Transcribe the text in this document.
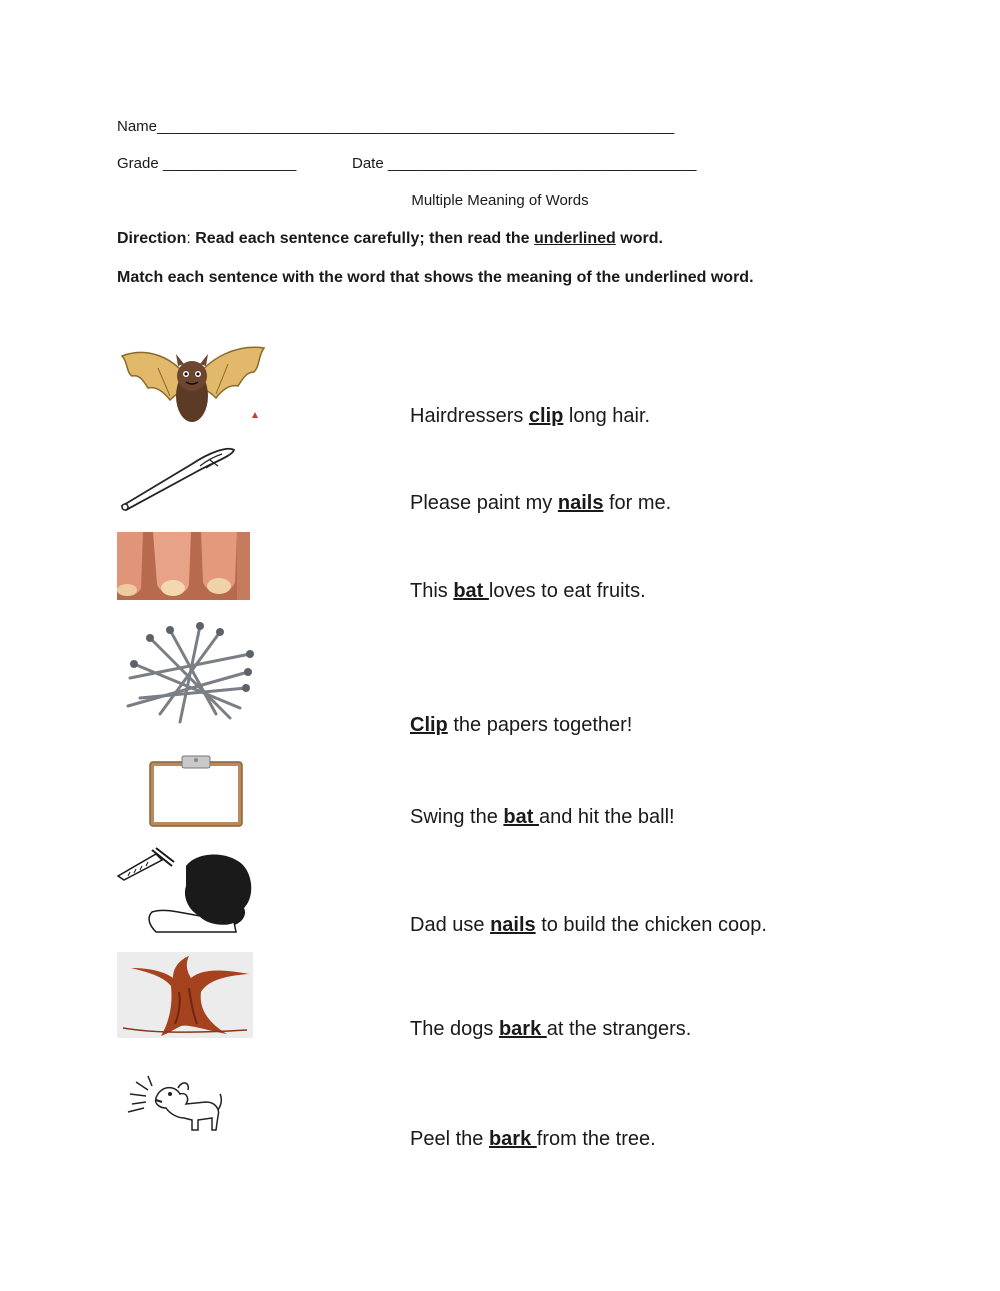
Name______________________________________________________________
Grade ________________	Date _____________________________________
Multiple Meaning of Words
Direction: Read each sentence carefully; then read the underlined word.
Match each sentence with the word that shows the meaning of the underlined word.
Hairdressers clip long hair.
Please paint my nails for me.
This bat loves to eat fruits.
Clip the papers together!
Swing the bat and hit the ball!
Dad use nails to build the chicken coop.
The dogs bark at the strangers.
Peel the bark from the tree.
